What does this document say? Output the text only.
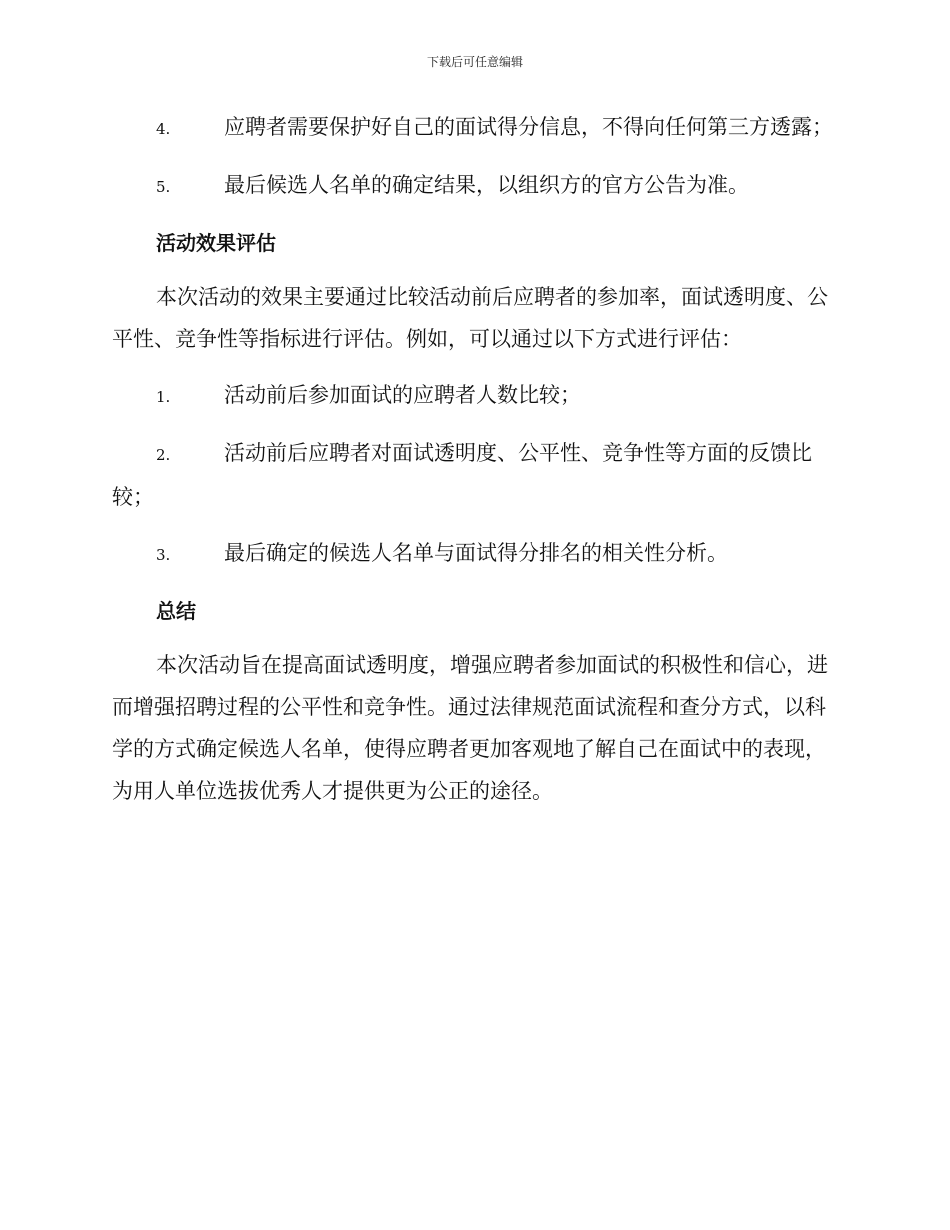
下载后可任意编辑
4.	应聘者需要保护好自己的面试得分信息，不得向任何第三方透露；
5.	最后候选人名单的确定结果，以组织方的官方公告为准。
活动效果评估
本次活动的效果主要通过比较活动前后应聘者的参加率，面试透明度、公平性、竞争性等指标进行评估。例如，可以通过以下方式进行评估：
1.	活动前后参加面试的应聘者人数比较；
2.	活动前后应聘者对面试透明度、公平性、竞争性等方面的反馈比较；
3.	最后确定的候选人名单与面试得分排名的相关性分析。
总结
本次活动旨在提高面试透明度，增强应聘者参加面试的积极性和信心，进而增强招聘过程的公平性和竞争性。通过法律规范面试流程和查分方式，以科学的方式确定候选人名单，使得应聘者更加客观地了解自己在面试中的表现，为用人单位选拔优秀人才提供更为公正的途径。
